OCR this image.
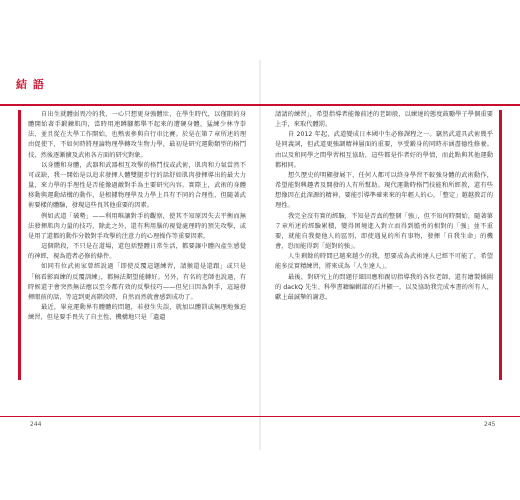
結 語

自出生就體弱畏冷的我，一心只想更身強體壯，在學生時代，以僅限的身體開始著手鍛鍊肌肉，當時用連蹲腳都舉不起來的遭硬身體，猛練少林寺拳法，並且從在大學工作開始，也熱衷參與自行車比賽。於是在第７章所述的理由促使下，不如何時將理論物理學轉攻生物力學，最初是研究運動類型的格鬥技，然後逐漸擴及武術各方面的研究對象。

以身體和身體，武器和武器相互攻擊的格鬥技或武術，肌肉和力氣當然不可或缺，我一開始是以追求發揮人體雙腿步行的話舒如肌肉發揮導出的最大力量，來力學的手理性是否能像過敵對手為主要研究內容。實際上，武術的身體移動與運動結構的動作，是根據物理學及力學上具有不同的合理性，但隨著武術要樣的體驗，發現這些良其他重要的因素。

例如武道「破勢」——利用唯讓對手的觀察，使其不知原因失去平衡而無法發揮肌肉力量的技巧，除此之外，還有利用腦的視覺處理時的預先攻擊，或是用了還都的動作分散對手攻擊的注意力的心理操作等重要因素。

這個階段，不只是在道場，還包括整體日常生活，都要讓中體內產生感覺的神經，視為遊者必修的條件。

如同有位武術家曾經說過「即使反覆這題練習，請猴還是還跟」或只是「稿看影面練的反覆訓練」，都無法期望能轉好。另外，有名的老師也說過，有時候還于會突然無法應以至今都有效的反擊技巧——但兒日因為對手，這遍發揮眼前的話，等這到更高階段時，自然而然就會感到成功了。

最近，畢竟運動界有體體的問題，若發生失誤，就加以體罰或無理地強迫練習，但是要手畏失了自主性，機構地只是「遺遺

請請的練習」，希望指導者能像前述的老師般，以練達的態度鼓勵學子學個重要上手，來取代體罰。

自 2012 年起，武道變成日本國中生必修課程之一。竊然武道具武術幾乎是同義詞，但武道更強調精神層面的重要，享受鍛身的同時亦涵盡德性修養。由以及和同學之間學習相互協助，這些都是作者好的學情，而此點與其他運動都相同。

想久歷史的明顯發展下，任何人都可以終身學習不較強身體的武術動作，希望能對興趣者及開發的人有所幫助。現代運動時格鬥技能和所經教，還有些想像因在此深源的精神，要能引導準確來來的年輕人的心，「整定」越越教訂的理性。

我完全沒有實的經驗，不知是否真的整個「強」，但不知何時開始，隨著第７章所述的經驗累積，變得困境進入對立而得到膽勇的相對的「強」並不重要，就能自我提他人的區別，即使遇見的所有事物，發揮「自我生命」的機會，恐而能得到「絕對的強」。

人生剩餘的時間已越來越少的我，想要成為武術達人已經不可能了，希望能多反實精練習，將來成為「人生達人」。

最後，對研究上的問題仔細回應和親切指導我的各位老師，還有繪製插圖的 dackQ 先生、科學書籍編輯部的石井顯一，以及協助我完成本書的所有人，獻上最誠摯的謝意。

244	245
